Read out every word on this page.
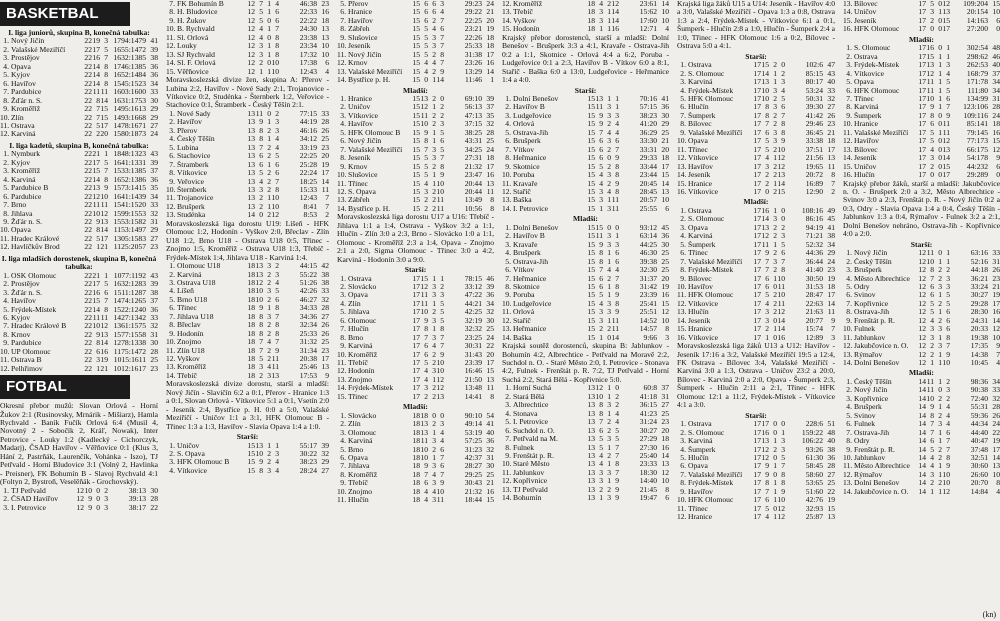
BASKETBAL
I. liga juniorů, skupina B, konečná tabulka:
1. Nový Jičín	22 19 3 1794:1479 41
2. Valašské Meziříčí	22 17 5 1655:1472 39
3. Prostějov	22 16 7 1632:1385 38
4. Opava	22 14 8 1746:1385 36
5. Kyjov	22 14 8 1652:1484 36
6. Havířov	22 14 8 1545:1523 34
7. Pardubice	22 11 11 1603:1600 33
8. Žďár n. S.	22 8 14 1631:1753 30
9. Kroměříž	22 7 15 1495:1613 29
10. Zlín	22 7 15 1493:1668 29
11. Ostrava	22 5 17 1478:1671 27
12. Karviná	22 2 20 1580:1873 24
I. liga kadetů, skupina B, konečná tabulka:
1. Nymburk	22 21 1 1848:1323 43
2. Kyjov	22 17 5 1641:1331 39
3. Kroměříž	22 15 7 1533:1385 37
4. Karviná	22 14 8 1652:1386 36
5. Pardubice B	22 13 9 1573:1415 35
6. Pardubice	22 12 10 1641:1439 34
7. Brno	22 11 11 1541:1520 33
8. Jihlava	22 10 12 1599:1553 32
9. Žďár n. S.	22 9 13 1553:1582 31
10. Opava	22 8 14 1153:1497 29
11. Hradec Králové	22 5 17 1305:1583 27
12. Havlíčkův Brod	22 1 21 1125:2057 23
I. liga mladších dorostenek, skupina B, konečná tabulka:
1. OSK Olomouc	22 21 1 1077:1192 43
2. Prostějov	22 17 5 1632:1283 39
3. Žďár n. S.	22 16 6 1511:1287 38
4. Havířov	22 15 7 1474:1265 37
5. Frýdek-Místek	22 14 8 1522:1240 36
6. Kyjov	22 11 11 1427:1342 33
7. Hradec Králové B	22 10 12 1361:1575 32
8. Krnov	22 9 13 1577:1558 31
9. Pardubice	22 8 14 1278:1338 30
10. UP Olomouc	22 6 16 1175:1472 28
11. Ostrava B	22 3 19 1015:1611 25
12. Pelhřimov	22 1 21 1012:1617 23
FOTBAL
Okresní přebor mužů: Slovan Orlová - Horní Žukov 2:1 (Rusinovsky, Mrnárik - Mišiarz), Hamla Rychvald - Baník Fučík Orlová 6:4 (Musil 4, Novotný 2 - Sobočík 2, Kráľ, Nowak), Inter Petrovice - Louky 1:2 (Kadlecký - Cichorczyk, Madarj), ČSAD Havířov - Věřňovice 0:1 (Klus 3, Hání 2, Pastrňák, Laurenčík, Vohánka - Iszo), TJ Petřvald - Horní Bludovice 3:1 (Volný 2, Havlinka - Preisner), FK Bohumín B - Slavoj Rychvald 4:1 (Foltyn 2, Bystroň, Veselěňák - Grochovský).
1. TJ Petřvald	12 10 0 2	38:13 30
2. ČSAD Havířov	12 9 0 3	39:13 28
3. I. Petrovice	12 9 0 3	38:17 22
7. FK Bohumín B	12 7 1 4	46:38 23
8. H. Bludovice	12 5 1 6	22:33 16
9. H. Žukov	12 5 0 6	22:22 18
10. B. Rychvald	12 4 1 7	24:30 13
11. Sl. Orlová	12 4 0 8	23:38 13
12. Louky	12 3 1 8	23:34 10
13. SJ Rychvald	12 3 1 8	17:32 10
14. Sl. F. Orlová	12 2 0 10	17:38	6
15. Věřňovice	12 1 1 10	12:43	4
Moravskoslezská divize žen, skupina A: Přerov - Lubina 2:2, Havířov - Nové Sady 2:1, Trojanovice - Vítkovice 0:2, Studénka - Šternberk 1:2, Veřovice - Stachovice 0:1, Štramberk - Český Těšín 2:1.
1. Nové Sady	13 11 0 2	77:15 33
2. Havířov	13 9 1 3	44:19 28
3. Přerov	13 8 2 3	46:16 26
4. Český Těšín	13 8 1 4	34:12 25
5. Lubina	13 7 2 4	33:19 23
6. Stachovice	13 6 2 5	22:25 20
7. Štramberk	13 6 1 6	25:28 19
8. Vítkovice	13 5 2 6	22:24 17
9. Veřovice	13 4 2 7	18:25 14
10. Šternberk	13 3 2 8	15:33 11
11. Trojanovice	13 2 1 10	12:43	7
12. Brušperk	13 2 1 10	8:41	7
13. Studénka	14 0 2 12	8:53	2
Moravskoslezská liga dorostu U19: Líšeň - HFK Olomouc 1:2, Hodonín - Vyškov 2:0, Břeclav - Zlín U18 1:2, Brno U18 - Ostrava U18 0:5, Třinec - Znojmo 1:5, Kroměříž - Ostrava U18 1:3, Třebíč - Frýdek-Místek 1:4, Jihlava U18 - Karviná 1:4.
1. Olomouc U18	18 13 3 2	44:15 42
2. Karviná	18 13 2 3	55:22 38
3. Ostrava U18	18 12 2 4	51:26 38
4. Líšeň	18 10 3 5	42:26 33
5. Brno U18	18 10 2 6	46:27 32
6. Třinec	18 9 1 8	34:33 28
7. Jihlava U18	18 8 3 7	34:36 27
8. Břeclav	18 8 2 8	32:34 26
9. Hodonín	18 8 2 8	25:33 26
10. Znojmo	18 7 4 7	31:32 25
11. Zlín U18	18 7 2 9	31:34 23
12. Vyškov	18 5 2 11	20:38 17
13. Kroměříž	18 3 4 11	25:46 13
14. Třebíč	18 2 3 13	17:53	9
Moravskoslezská divize dorostu, starší a mladší: Nový Jičín - Slavičín 6:2 a 0:1, Přerov - Hranice 1:3 a 0:1, Slovan Orlová - Vítkovice 5:1 a 0:1, Vsetín 2:0 - Jeseník 2:4, Bystřice p. H. 0:0 a 5:0, Valašské Meziříčí - Uničov 1:1 a 3:1, HFK Olomouc B - Třinec 1:3 a 1:3, Havířov - Slavia Opava 1:4 a 1:0.
Starší:
1. Uničov	15 13 1 1	55:17 39
2. S. Opava	15 10 2 3	30:22 32
3. HFK Olomouc B	15 9 2 4	38:23 29
4. Vítkovice	15 8 3 4	28:24 27
5. Přerov	15 6 6 3	29:23 24
6. Hranice	15 6 6 4	29:22 21
7. Havířov	15 6 2 7	22:25 20
8. Zábřeh	15 5 4 6	23:21 19
9. Slušovice	15 5 3 7	22:26 18
10. Jeseník	15 5 3 7	25:33 18
11. Nový Jičín	15 5 2 8	31:38 17
12. Krnov	15 4 4 7	23:26 16
13. Valašské Meziříčí	15 4 2 9	13:29 14
14. Bystřice p. H.	15 0 1 14	11:46	1
Mladší:
1. Hranice	15 13 2 0	69:10 39
2. Uničov	15 12 1 2	56:13 37
3. Vítkovice	15 11 2 2	47:13 35
4. Havířov	15 10 2 3	37:15 32
5. HFK Olomouc B	15 9 1 5	38:25 28
6. Nový Jičín	15 8 1 6	43:31 25
7. Valašské Meziříčí	15 7 3 5	34:25 24
8. Jeseník	15 5 3 7	27:31 18
9. Krnov	15 5 2 8	21:32 17
10. Slušovice	15 5 1 9	23:47 16
11. Třinec	15 4 1 10	20:44 13
12. S. Opava	15 3 2 10	20:44 11
13. Zábřeh	15 2 2 11	13:49	8
14. Bystřice p. H.	15 2 2 11	10:56	8
Moravskoslezská liga dorostu U17 a U16: Třebíč - Jihlava 1:1 a 1:4, Ostrava - Vyškov 3:2 a 1:1, Hlučín - Zlín 3:0 a 2:3, Brno - Slovácko 1:0 a 1:1, Olomouc - Kroměříž 2:3 a 1:4, Opava - Znojmo 2:1 a 2:0, Sigma Olomouc - Třinec 3:0 a 4:2, Karviná - Hodonín 3:0 a 9:0.
Starší:
1. Ostrava	17 15 1 1	78:15 46
2. Slovácko	17 12 3 2	33:12 39
3. Opava	17 11 3 3	47:22 36
4. Zlín	17 11 1 5	44:21 34
5. Jihlava	17 10 2 5	42:25 32
6. Olomouc	17 9 3 5	32:19 30
7. Hlučín	17 8 1 8	32:32 25
8. Brno	17 7 3 7	23:25 24
9. Karviná	17 6 4 7	30:31 22
10. Kroměříž	17 6 2 9	31:43 20
11. Třebíč	17 5 2 10	23:39 17
12. Hodonín	17 4 3 10	16:46 15
13. Znojmo	17 4 1 12	21:50 13
14. Frýdek-Místek	17 3 2 12	13:48 11
15. Třinec	17 2 2 13	14:41	8
Mladší:
1. Slovácko	18 18 0 0	90:10 54
2. Zlín	18 13 2 3	49:14 41
3. Olomouc	18 13 1 4	53:19 40
4. Karviná	18 11 3 4	57:25 36
5. Brno	18 10 2 6	31:23 32
6. Opava	18 10 1 7	42:37 31
7. Jihlava	18 9 3 6	28:27 30
8. Kroměříž	18 7 4 7	29:25 25
9. Třebíč	18 6 3 9	30:43 21
10. Znojmo	18 4 4 10	21:32 16
11. Hlučín	18 4 3 11	18:44 15
12. Kroměříž	18 4 2 12	23:61 14
13. Třebíč	18 3 1 14	15:62 10
14. Vyškov	18 3 1 14	17:60 10
15. Hodonín	18 1 1 16	12:71	4
Krajský přebor dorostenců, starší a mladší: Dolní Benešov - Brušperk 3:3 a 4:1, Kravaře - Ostrava-Jih 0:2 a 1:1, Skotnice - Orlová 4:4 a 6:2, Poruba - Ludgeřovice 0:1 a 2:3, Havířov B - Vítkov 6:0 a 8:1, Staříč - Baška 6:0 a 13:0, Ludgeřovice - Heřmanice 1:4 a 4:0.
Starší:
1. Dolní Benešov	15 13 1 1	70:16 41
2. Havířov B	15 11 3 1	57:15 36
3. Ludgeřovice	15 9 3 3	38:23 30
4. Orlová	15 9 2 4	41:20 29
5. Ostrava-Jih	15 7 4 4	36:29 25
6. Brušperk	15 6 3 6	33:30 21
7. Vítkov	15 6 2 7	33:31 20
8. Heřmanice	15 6 0 9	29:33 18
9. Skotnice	15 5 2 8	33:44 17
10. Poruba	15 4 3 8	23:44 15
11. Kravaře	15 4 2 9	20:45 14
12. Staříč	15 3 4 8	28:45 13
13. Baška	15 3 1 11	20:57 10
14. I. Petrovice	15 1 3 11	25:55	6
Mladší:
1. Dolní Benešov	15 15 0 0	93:12 45
2. Havířov B	15 11 3 1	63:14 36
3. Kravaře	15 9 3 3	44:25 30
4. Brušperk	15 8 1 6	46:30 25
5. Ostrava-Jih	15 8 1 6	39:38 25
6. Vítkov	15 7 4 4	32:30 25
7. Heřmanice	15 6 2 7	31:37 20
8. Skotnice	15 6 1 8	31:42 19
9. Poruba	15 5 1 9	23:39 16
10. Ludgeřovice	15 4 3 8	25:41 15
11. Orlová	15 3 3 9	25:51 12
12. Staříč	15 3 1 11	14:52 10
13. Heřmanice	15 2 2 11	14:57	8
14. Baška	15 1 0 14	9:66	3
Krajská soutěž dorostenců, skupina B: Jablunkov - Bohumín 4:2, Albrechtice - Petřvald na Moravě 2:2, Suchdol n. O. - Staré Město 2:0, I. Petrovice - Stonava 4:2, Fulnek - Frenštát p. R. 7:2, TJ Petřvald - Horní Suchá 2:2, Stará Bělá - Kopřivnice 5:0.
1. Horní Suchá	13 12 1 0	60:8 37
2. Stará Bělá	13 10 1 2	41:18 31
3. Albrechtice	13 8 3 2	36:15 27
4. Stonava	13 8 1 4	41:23 25
5. I. Petrovice	13 7 2 4	31:24 23
6. Suchdol n. O.	13 6 2 5	30:27 20
7. Petřvald na M.	13 5 3 5	27:29 18
8. Fulnek	13 5 1 7	27:30 16
9. Frenštát p. R.	13 4 2 7	25:40 14
10. Staré Město	13 4 1 8	23:33 13
11. Jablunkov	13 3 3 7	18:30 12
12. Kopřivnice	13 3 1 9	14:40 10
13. TJ Petřvald	13 2 2 9	21:45	8
14. Bohumín	13 1 3 9	19:47	6
Krajská liga žáků U15 a U14: Jeseník - Havířov 4:0 a 3:0, Valašské Meziříčí - Opava 1:3 a 0:8, Ostrava 1:3 a 2:4, Frýdek-Místek - Vítkovice 6:1 a 0:1, Šumperk - Hlučín 2:8 a 1:0, Hlučín - Šumperk 2:4 a 1:0, Třinec - HFK Olomouc 1:6 a 0:2, Bílovec - Ostrava 5:0 a 4:1.
Starší:
1. Ostrava	17 15 2 0	102:6 47
2. S. Olomouc	17 14 1 2	85:15 43
3. Karviná	17 13 1 3	80:17 40
4. Frýdek-Místek	17 10 3 4	53:24 33
5. HFK Olomouc	17 10 2 5	50:31 32
6. Hlučín	17 8 3 6	39:30 27
7. Šumperk	17 8 2 7	41:42 26
8. Bílovec	17 7 2 8	29:46 23
9. Valašské Meziříčí	17 6 3 8	36:45 21
10. Opava	17 5 3 9	33:38 18
11. Třinec	17 5 2 10	37:51 17
12. Vítkovice	17 4 1 12	21:56 13
13. Havířov	17 3 2 12	19:65 11
14. Jeseník	17 2 2 13	20:72	8
15. Hranice	17 2 1 14	16:89	7
16. Vítkovice	17 0 2 15	12:90	2
Mladší:
1. Ostrava	17 16 1 0	108:16 49
2. S. Olomouc	17 14 3 0	86:16 45
3. Opava	17 13 2 2	94:19 41
4. Karviná	17 12 2 3	71:21 38
5. Šumperk	17 11 1 5	52:32 34
6. Třinec	17 9 2 6	44:36 29
7. Valašské Meziříčí	17 7 3 7	36:44 24
8. Frýdek-Místek	17 7 2 8	41:40 23
9. Bílovec	17 6 1 10	30:50 19
10. Havířov	17 6 0 11	31:53 18
11. HFK Olomouc	17 5 2 10	28:47 17
12. Vítkovice	17 4 2 11	22:63 14
13. Hlučín	17 3 2 12	21:63 11
14. Jeseník	17 3 0 14	20:77	9
15. Hranice	17 2 1 14	15:74	7
16. Vítkovice	17 1 0 16	12:89	3
Moravskoslezská liga žáků U13 a U12: Havířov - Jeseník 17:16 a 3:2, Valašské Meziříčí 19:5 a 12:4, FK Ostrava - Bílovec 3:4, Valašské Meziříčí - Karviná 3:0 a 1:3, Ostrava - Uničov 23:2 a 20:0, Bílovec - Karviná 2:0 a 2:0, Opava - Šumperk 2:3, Šumperk - Hlučín 2:11 a 2:1, Třinec - HFK Olomouc 12:1 a 11:2, Frýdek-Místek - Vítkovice 4:1 a 3:0.
Starší:
1. Ostrava	17 17 0 0	228:6 51
2. S. Olomouc	17 16 0 1	159:22 48
3. Karviná	17 13 1 3	106:22 40
4. Šumperk	17 12 2 3	93:26 38
5. Hlučín	17 12 0 5	61:30 36
6. Opava	17 9 1 7	58:45 28
7. Valašské Meziříčí	17 9 0 8	58:60 27
8. Frýdek-Místek	17 8 1 8	53:65 25
9. Havířov	17 7 1 9	51:60 22
10. HFK Olomouc	17 6 1 10	42:76 19
11. Třinec	17 5 0 12	32:93 15
12. Hranice	17 4 1 12	25:87 13
13. Bílovec	17 5 0 12	109:204 15
14. Uničov	17 3 1 13	20:154 10
15. Jeseník	17 2 0 15	14:163	6
16. HFK Olomouc	17 0 0 17	27:200	0
Mladší:
1. S. Olomouc	17 16 0 1	302:54 48
2. Ostrava	17 15 1 1	298:62 46
3. Frýdek-Místek	17 13 1 3	262:53 40
4. Vítkovice	17 12 1 4	168:79 37
5. Opava	17 11 1 5	171:78 34
6. HFK Olomouc	17 11 1 5	111:80 34
7. Třinec	17 10 1 6	134:99 31
8. Karviná	17 9 1 7	123:106 28
9. Šumperk	17 8 0 9	109:116 24
10. Hranice	17 6 0 11	85:141 18
11. Valašské Meziříčí	17 5 1 11	79:145 16
12. Havířov	17 5 0 12	77:173 15
13. Bílovec	17 4 0 13	66:175 12
14. Jeseník	17 3 0 14	54:178	9
15. Uničov	17 2 0 15	44:232	6
16. Hlučín	17 0 0 17	29:289	0
Krajský přebor žáků, starší a mladší: Jakubčovice n. O. - Brušperk 2:0 a 3:2, Město Albrechtice - Svinov 3:0 a 2:3, Frenštát p. R. - Nový Jičín 0:2 a 0:3, Odry - Slavia Opava 1:4 a 0:4, Český Těšín - Jablunkov 1:3 a 0:4, Rýmařov - Fulnek 3:2 a 2:1, Dolní Benešov nehráno, Ostrava-Jih - Kopřivnice 4:0 a 2:0.
Starší:
1. Nový Jičín	12 11 0 1	63:16 33
2. Český Těšín	12 10 1 1	52:16 31
3. Brušperk	12 8 2 2	44:18 26
4. Město Albrechtice	12 7 2 3	36:21 23
5. Odry	12 6 3 3	33:24 21
6. Svinov	12 6 1 5	30:27 19
7. Kopřivnice	12 5 2 5	29:28 17
8. Ostrava-Jih	12 5 1 6	28:30 16
9. Frenštát p. R.	12 4 2 6	24:31 14
10. Fulnek	12 3 3 6	20:33 12
11. Jablunkov	12 3 1 8	19:38 10
12. Jakubčovice n. O.	12 2 3 7	17:35	9
13. Rýmařov	12 2 1 9	14:38	7
14. Dolní Benešov	12 1 1 10	10:45	4
Mladší:
1. Český Těšín	14 11 1 2	98:36 34
2. Nový Jičín	14 11 0 3	90:38 33
3. Kopřivnice	14 10 2 2	72:40 32
4. Brušperk	14 9 1 4	55:31 28
5. Svinov	14 8 2 4	59:36 26
6. Fulnek	14 7 3 4	44:34 24
7. Ostrava-Jih	14 7 1 6	44:40 22
8. Odry	14 6 1 7	40:47 19
9. Frenštát p. R.	14 5 2 7	37:48 17
10. Jablunkov	14 4 2 8	32:51 14
11. Město Albrechtice	14 4 1 9	30:60 13
12. Rýmařov	14 3 1 10	26:60 10
13. Dolní Benešov	14 2 2 10	20:70	8
14. Jakubčovice n. O.	14 1 1 12	14:84	4
(kn)
